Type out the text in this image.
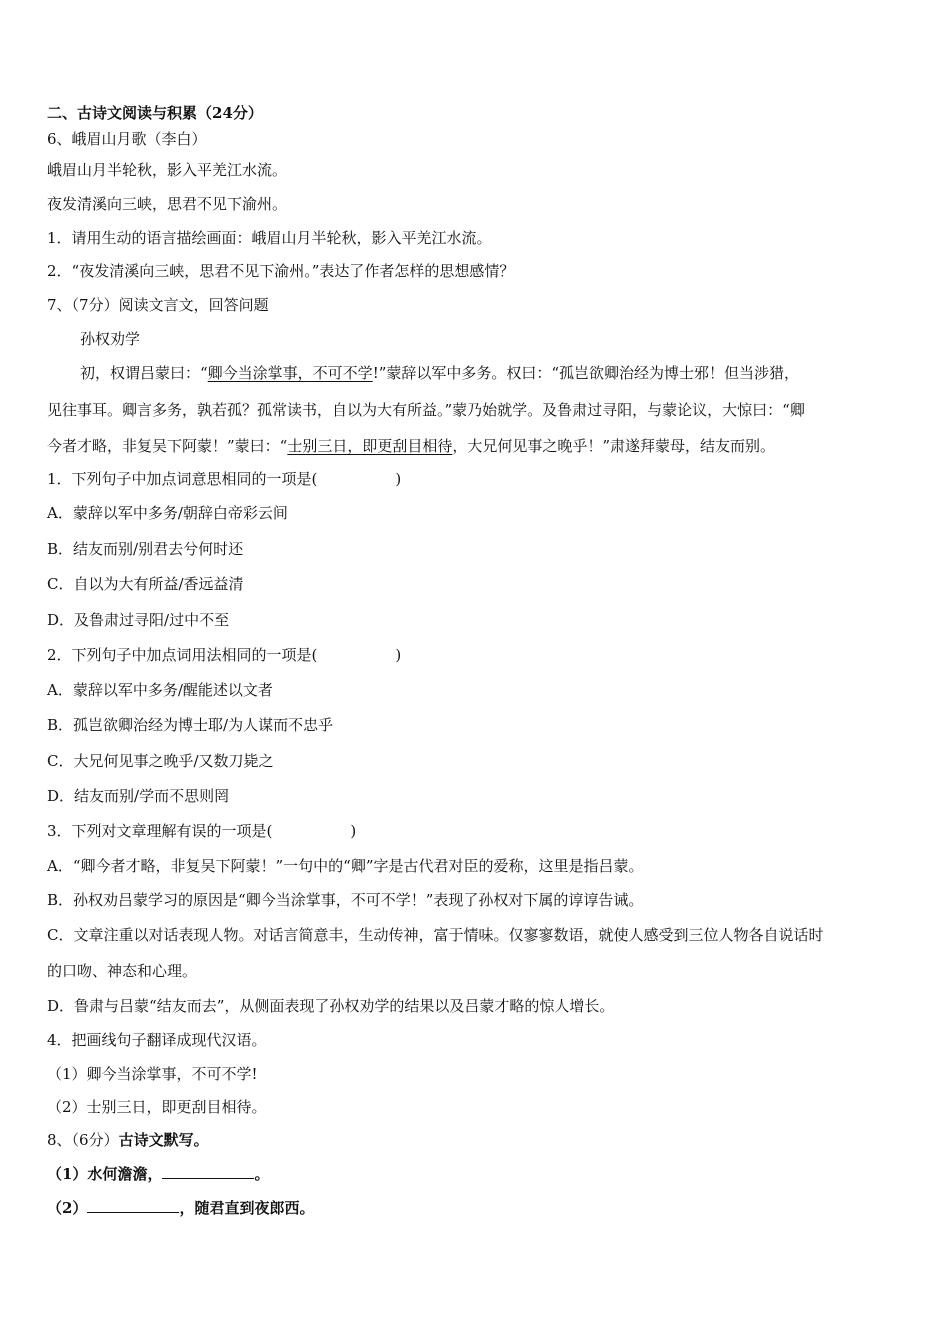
二、古诗文阅读与积累（24分）
6、峨眉山月歌（李白）
峨眉山月半轮秋，影入平羌江水流。
夜发清溪向三峡，思君不见下渝州。
1．请用生动的语言描绘画面：峨眉山月半轮秋，影入平羌江水流。
2．“夜发清溪向三峡，思君不见下渝州。”表达了作者怎样的思想感情？
7、（7分）阅读文言文，回答问题
孙权劝学
初，权谓吕蒙曰：“卿今当涂掌事，不可不学!”蒙辞以军中多务。权曰：“孤岂欲卿治经为博士邪！但当涉猎，
见往事耳。卿言多务，孰若孤？孤常读书，自以为大有所益。”蒙乃始就学。及鲁肃过寻阳，与蒙论议，大惊曰：“卿
今者才略，非复吴下阿蒙！”蒙曰：“士别三日，即更刮目相待，大兄何见事之晚乎！”肃遂拜蒙母，结友而别。
1．下列句子中加点词意思相同的一项是(	)
A．蒙辞以军中多务/朝辞白帝彩云间
B．结友而别/别君去兮何时还
C．自以为大有所益/香远益清
D．及鲁肃过寻阳/过中不至
2．下列句子中加点词用法相同的一项是(	)
A．蒙辞以军中多务/醒能述以文者
B．孤岂欲卿治经为博士耶/为人谋而不忠乎
C．大兄何见事之晚乎/又数刀毙之
D．结友而别/学而不思则罔
3．下列对文章理解有误的一项是(	)
A．“卿今者才略，非复吴下阿蒙！”一句中的“卿”字是古代君对臣的爱称，这里是指吕蒙。
B．孙权劝吕蒙学习的原因是“卿今当涂掌事，不可不学！”表现了孙权对下属的谆谆告诫。
C．文章注重以对话表现人物。对话言简意丰，生动传神，富于情味。仅寥寥数语，就使人感受到三位人物各自说话时
的口吻、神态和心理。
D．鲁肃与吕蒙“结友而去”，从侧面表现了孙权劝学的结果以及吕蒙才略的惊人增长。
4．把画线句子翻译成现代汉语。
（1）卿今当涂掌事，不可不学!
（2）士别三日，即更刮目相待。
8、（6分）古诗文默写。
（1）水何澹澹，	。
（2）	，随君直到夜郎西。
